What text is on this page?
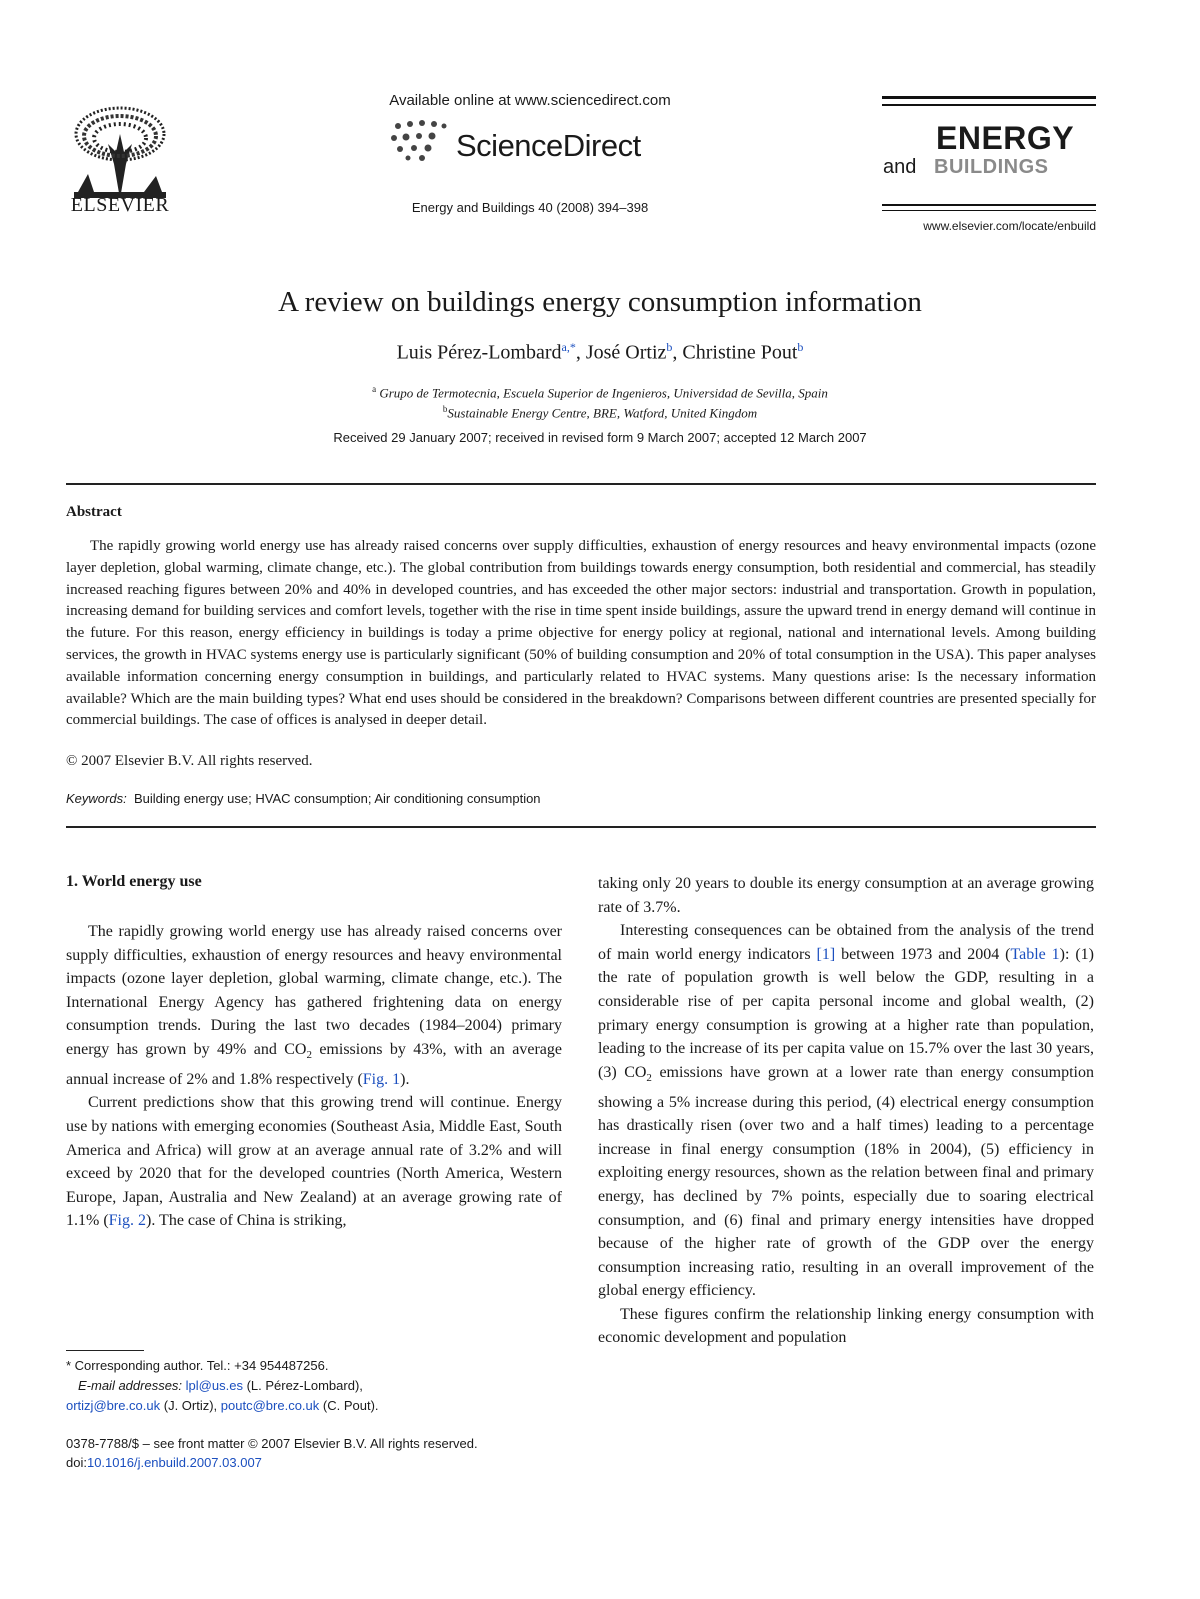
ELSEVIER
Available online at www.sciencedirect.com
ScienceDirect
Energy and Buildings 40 (2008) 394–398
ENERGY
and BUILDINGS
www.elsevier.com/locate/enbuild
A review on buildings energy consumption information
Luis Pérez-Lombard$^{a,*}$, José Ortiz$^b$, Christine Pout$^b$
$^a$ Grupo de Termotecnia, Escuela Superior de Ingenieros, Universidad de Sevilla, Spain
$^b$Sustainable Energy Centre, BRE, Watford, United Kingdom
Received 29 January 2007; received in revised form 9 March 2007; accepted 12 March 2007
Abstract
The rapidly growing world energy use has already raised concerns over supply difficulties, exhaustion of energy resources and heavy environmental impacts (ozone layer depletion, global warming, climate change, etc.). The global contribution from buildings towards energy consumption, both residential and commercial, has steadily increased reaching figures between 20% and 40% in developed countries, and has exceeded the other major sectors: industrial and transportation. Growth in population, increasing demand for building services and comfort levels, together with the rise in time spent inside buildings, assure the upward trend in energy demand will continue in the future. For this reason, energy efficiency in buildings is today a prime objective for energy policy at regional, national and international levels. Among building services, the growth in HVAC systems energy use is particularly significant (50% of building consumption and 20% of total consumption in the USA). This paper analyses available information concerning energy consumption in buildings, and particularly related to HVAC systems. Many questions arise: Is the necessary information available? Which are the main building types? What end uses should be considered in the breakdown? Comparisons between different countries are presented specially for commercial buildings. The case of offices is analysed in deeper detail.
© 2007 Elsevier B.V. All rights reserved.
Keywords: Building energy use; HVAC consumption; Air conditioning consumption
1. World energy use

The rapidly growing world energy use has already raised concerns over supply difficulties, exhaustion of energy resources and heavy environmental impacts (ozone layer depletion, global warming, climate change, etc.). The International Energy Agency has gathered frightening data on energy consumption trends. During the last two decades (1984–2004) primary energy has grown by 49% and $CO_2$ emissions by 43%, with an average annual increase of 2% and 1.8% respectively (Fig. 1).

Current predictions show that this growing trend will continue. Energy use by nations with emerging economies (Southeast Asia, Middle East, South America and Africa) will grow at an average annual rate of 3.2% and will exceed by 2020 that for the developed countries (North America, Western Europe, Japan, Australia and New Zealand) at an average growing rate of 1.1% (Fig. 2). The case of China is striking,

taking only 20 years to double its energy consumption at an average growing rate of 3.7%.

Interesting consequences can be obtained from the analysis of the trend of main world energy indicators [1] between 1973 and 2004 (Table 1): (1) the rate of population growth is well below the GDP, resulting in a considerable rise of per capita personal income and global wealth, (2) primary energy consumption is growing at a higher rate than population, leading to the increase of its per capita value on 15.7% over the last 30 years, (3) $CO_2$ emissions have grown at a lower rate than energy consumption showing a 5% increase during this period, (4) electrical energy consumption has drastically risen (over two and a half times) leading to a percentage increase in final energy consumption (18% in 2004), (5) efficiency in exploiting energy resources, shown as the relation between final and primary energy, has declined by 7% points, especially due to soaring electrical consumption, and (6) final and primary energy intensities have dropped because of the higher rate of growth of the GDP over the energy consumption increasing ratio, resulting in an overall improvement of the global energy efficiency.

These figures confirm the relationship linking energy consumption with economic development and population

* Corresponding author. Tel.: +34 954487256.
E-mail addresses: lpl@us.es (L. Pérez-Lombard),
ortizj@bre.co.uk (J. Ortiz), poutc@bre.co.uk (C. Pout).
0378-7788/$ – see front matter © 2007 Elsevier B.V. All rights reserved.
doi:10.1016/j.enbuild.2007.03.007
